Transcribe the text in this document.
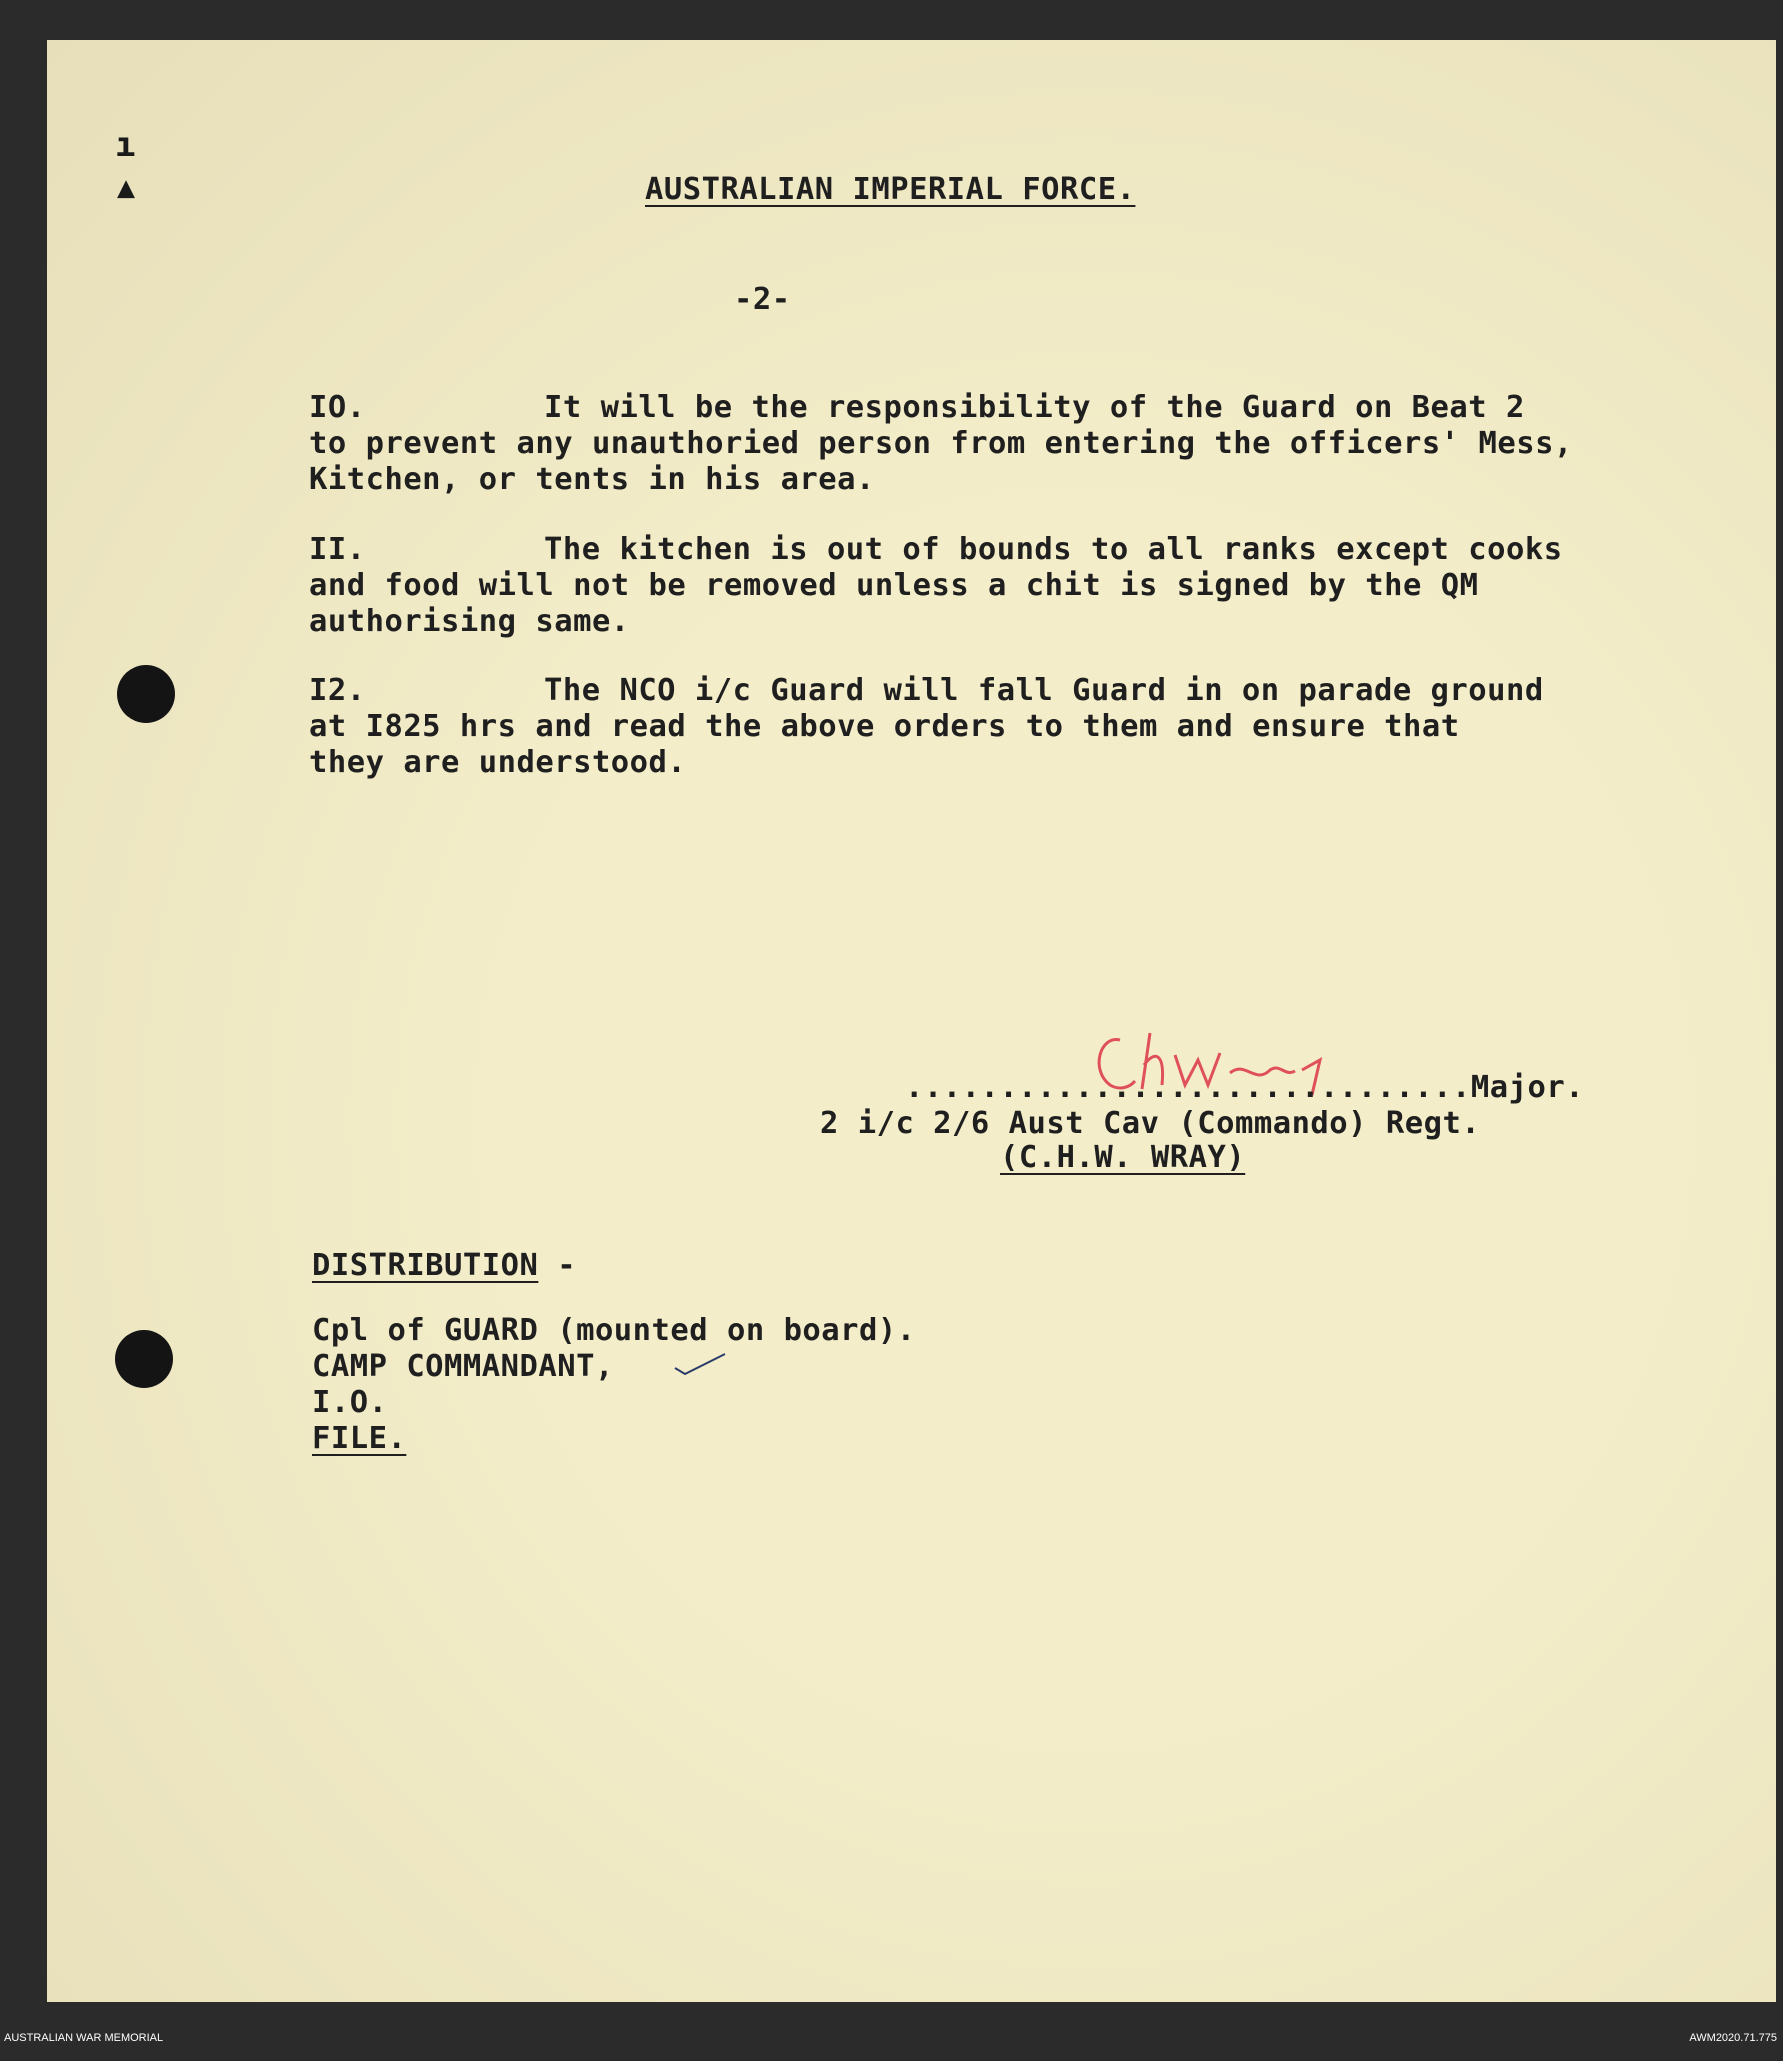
ı
▲	AUSTRALIAN IMPERIAL FORCE.
-2-
IO.	It will be the responsibility of the Guard on Beat 2
to prevent any unauthoried person from entering the officers' Mess,
Kitchen, or tents in his area.
II.	The kitchen is out of bounds to all ranks except cooks
and food will not be removed unless a chit is signed by the QM
authorising same.
I2.	The NCO i/c Guard will fall Guard in on parade ground
at I825 hrs and read the above orders to them and ensure that
they are understood.
..............................Major.
2 i/c 2/6 Aust Cav (Commando) Regt.
(C.H.W. WRAY)
DISTRIBUTION -
Cpl of GUARD (mounted on board).
CAMP COMMANDANT,
I.O.
FILE.
AUSTRALIAN WAR MEMORIAL	AWM2020.71.775
